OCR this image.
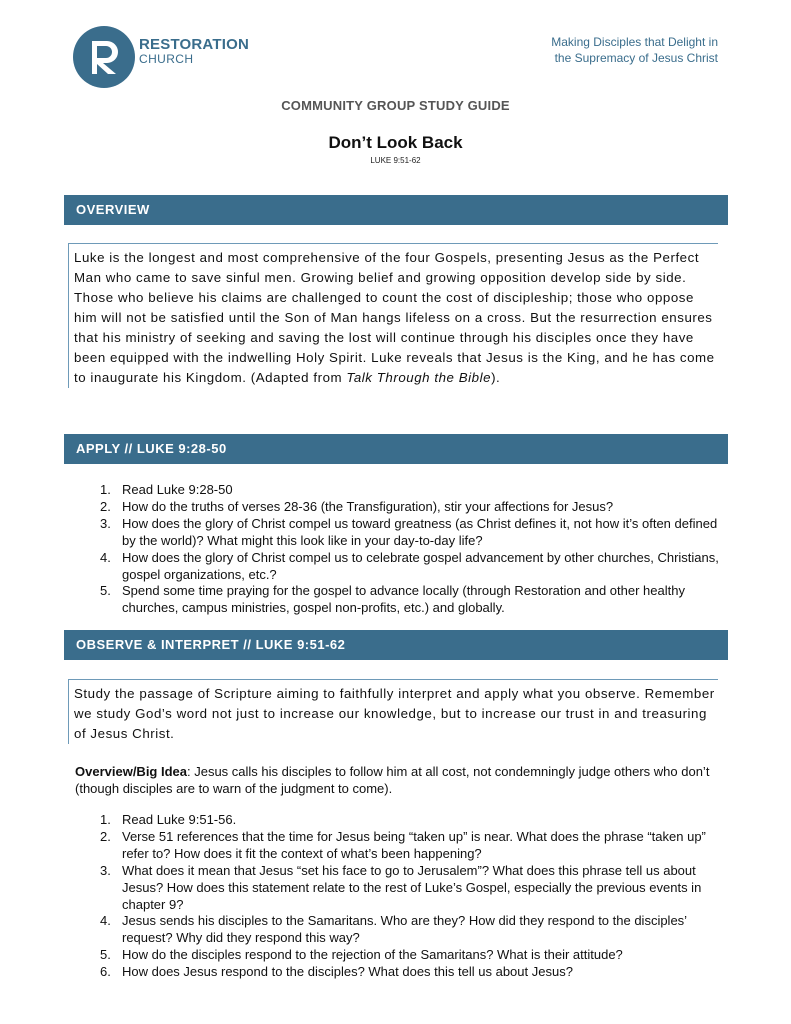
RESTORATION
CHURCH
Making Disciples that Delight in
the Supremacy of Jesus Christ
COMMUNITY GROUP STUDY GUIDE
Don’t Look Back
LUKE 9:51-62
OVERVIEW
Luke is the longest and most comprehensive of the four Gospels, presenting Jesus as the Perfect Man who came to save sinful men. Growing belief and growing opposition develop side by side. Those who believe his claims are challenged to count the cost of discipleship; those who oppose him will not be satisfied until the Son of Man hangs lifeless on a cross. But the resurrection ensures that his ministry of seeking and saving the lost will continue through his disciples once they have been equipped with the indwelling Holy Spirit. Luke reveals that Jesus is the King, and he has come to inaugurate his Kingdom. (Adapted from Talk Through the Bible).
APPLY // LUKE 9:28-50
1. Read Luke 9:28-50
2. How do the truths of verses 28-36 (the Transfiguration), stir your affections for Jesus?
3. How does the glory of Christ compel us toward greatness (as Christ defines it, not how it’s often defined by the world)? What might this look like in your day-to-day life?
4. How does the glory of Christ compel us to celebrate gospel advancement by other churches, Christians, gospel organizations, etc.?
5. Spend some time praying for the gospel to advance locally (through Restoration and other healthy churches, campus ministries, gospel non-profits, etc.) and globally.
OBSERVE & INTERPRET // LUKE 9:51-62
Study the passage of Scripture aiming to faithfully interpret and apply what you observe. Remember we study God’s word not just to increase our knowledge, but to increase our trust in and treasuring of Jesus Christ.
Overview/Big Idea: Jesus calls his disciples to follow him at all cost, not condemningly judge others who don’t (though disciples are to warn of the judgment to come).
1. Read Luke 9:51-56.
2. Verse 51 references that the time for Jesus being “taken up” is near. What does the phrase “taken up” refer to? How does it fit the context of what’s been happening?
3. What does it mean that Jesus “set his face to go to Jerusalem”? What does this phrase tell us about Jesus? How does this statement relate to the rest of Luke’s Gospel, especially the previous events in chapter 9?
4. Jesus sends his disciples to the Samaritans. Who are they? How did they respond to the disciples’ request? Why did they respond this way?
5. How do the disciples respond to the rejection of the Samaritans? What is their attitude?
6. How does Jesus respond to the disciples? What does this tell us about Jesus?
